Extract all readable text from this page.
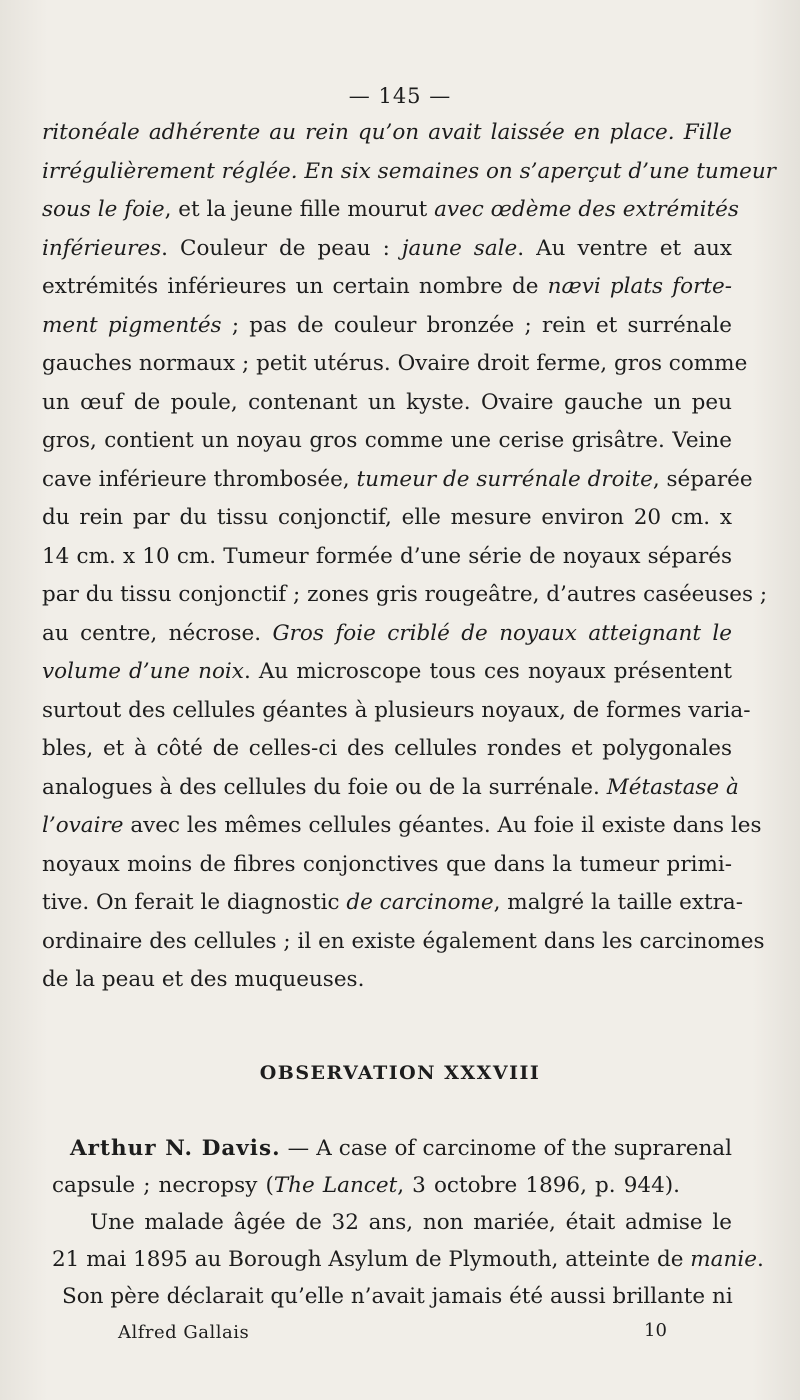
— 145 —
ritonéale adhérente au rein qu’on avait laissée en place. Fille
irrégulièrement réglée. En six semaines on s’aperçut d’une tumeur
sous le foie, et la jeune fille mourut avec œdème des extrémités
inférieures. Couleur de peau : jaune sale. Au ventre et aux
extrémités inférieures un certain nombre de nævi plats forte-
ment pigmentés ; pas de couleur bronzée ; rein et surrénale
gauches normaux ; petit utérus. Ovaire droit ferme, gros comme
un œuf de poule, contenant un kyste. Ovaire gauche un peu
gros, contient un noyau gros comme une cerise grisâtre. Veine
cave inférieure thrombosée, tumeur de surrénale droite, séparée
du rein par du tissu conjonctif, elle mesure environ 20 cm. x
14 cm. x 10 cm. Tumeur formée d’une série de noyaux séparés
par du tissu conjonctif ; zones gris rougeâtre, d’autres caséeuses ;
au centre, nécrose. Gros foie criblé de noyaux atteignant le
volume d’une noix. Au microscope tous ces noyaux présentent
surtout des cellules géantes à plusieurs noyaux, de formes varia-
bles, et à côté de celles-ci des cellules rondes et polygonales
analogues à des cellules du foie ou de la surrénale. Métastase à
l’ovaire avec les mêmes cellules géantes. Au foie il existe dans les
noyaux moins de fibres conjonctives que dans la tumeur primi-
tive. On ferait le diagnostic de carcinome, malgré la taille extra-
ordinaire des cellules ; il en existe également dans les carcinomes
de la peau et des muqueuses.
OBSERVATION XXXVIII
Arthur N. Davis. — A case of carcinome of the suprarenal
capsule ; necropsy (The Lancet, 3 octobre 1896, p. 944).
Une malade âgée de 32 ans, non mariée, était admise le
21 mai 1895 au Borough Asylum de Plymouth, atteinte de manie.
Son père déclarait qu’elle n’avait jamais été aussi brillante ni
Alfred Gallais	10
